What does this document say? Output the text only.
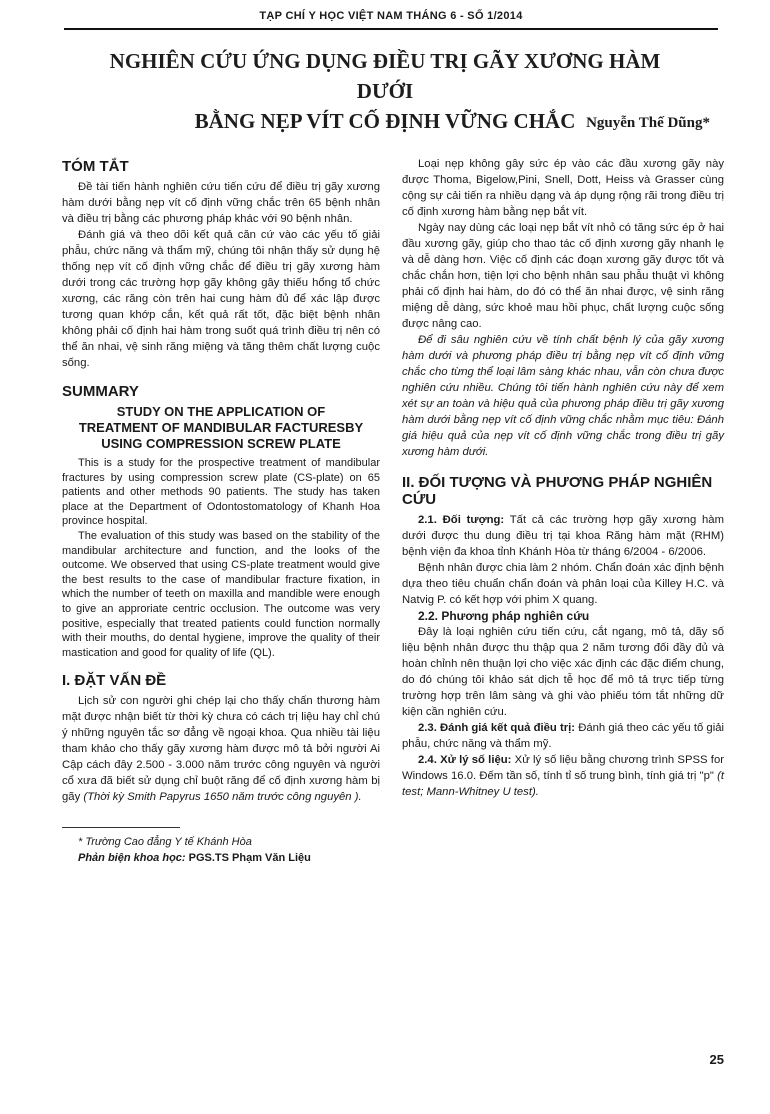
TẠP CHÍ Y HỌC VIỆT NAM THÁNG 6 - SỐ 1/2014
NGHIÊN CỨU ỨNG DỤNG ĐIỀU TRỊ GÃY XƯƠNG HÀM DƯỚI
BẰNG NẸP VÍT CỐ ĐỊNH VỮNG CHẮC Nguyễn Thế Dũng*
TÓM TẮT

Đề tài tiến hành nghiên cứu tiến cứu để điều trị gãy xương hàm dưới bằng nẹp vít cố định vững chắc trên 65 bệnh nhân và điều trị bằng các phương pháp khác với 90 bệnh nhân.

Đánh giá và theo dõi kết quả căn cứ vào các yếu tố giải phẫu, chức năng và thẩm mỹ, chúng tôi nhận thấy sử dụng hệ thống nẹp vít cố định vững chắc để điều trị gãy xương hàm dưới trong các trường hợp gãy không gây thiếu hổng tổ chức xương, các răng còn trên hai cung hàm đủ để xác lập được tương quan khớp cắn, kết quả rất tốt, đặc biệt bệnh nhân không phải cố định hai hàm trong suốt quá trình điều trị nên có thể ăn nhai, vệ sinh răng miệng và tăng thêm chất lượng cuộc sống.

SUMMARY
STUDY ON THE APPLICATION OF
TREATMENT OF MANDIBULAR FACTURESBY
USING COMPRESSION SCREW PLATE

This is a study for the prospective treatment of mandibular fractures by using compression screw plate (CS-plate) on 65 patients and other methods 90 patients. The study has taken place at the Department of Odontostomatology of Khanh Hoa province hospital.

The evaluation of this study was based on the stability of the mandibular architecture and function, and the looks of the outcome. We observed that using CS-plate treatment would give the best results to the case of mandibular fracture fixation, in which the number of teeth on maxilla and mandible were enough to give an approriate centric occlusion. The outcome was very positive, especially that treated patients could function normally with their mouths, do dental hygiene, improve the quality of their mastication and good for quality of life (QL).

I. ĐẶT VẤN ĐỀ

Lịch sử con người ghi chép lại cho thấy chấn thương hàm mặt được nhận biết từ thời kỳ chưa có cách trị liệu hay chỉ chú ý những nguyên tắc sơ đẳng về ngoại khoa. Qua nhiều tài liệu tham khảo cho thấy gãy xương hàm được mô tả bởi người Ai Cập cách đây 2.500 - 3.000 năm trước công nguyên và người cổ xưa đã biết sử dụng chỉ buột răng để cố định xương hàm bị gãy (Thời kỳ Smith Papyrus 1650 năm trước công nguyên ).

* Trường Cao đẳng Y tế Khánh Hòa

Phản biện khoa học: PGS.TS Phạm Văn Liệu

Loại nẹp không gây sức ép vào các đầu xương gãy này được Thoma, Bigelow,Pini, Snell, Dott, Heiss và Grasser cùng cộng sự cải tiến ra nhiều dạng và áp dụng rộng rãi trong điều trị cố định xương hàm bằng nẹp bắt vít.

Ngày nay dùng các loại nẹp bắt vít nhỏ có tăng sức ép ở hai đầu xương gãy, giúp cho thao tác cố định xương gãy nhanh lẹ và dễ dàng hơn. Việc cố định các đoạn xương gãy được tốt và chắc chắn hơn, tiện lợi cho bệnh nhân sau phẫu thuật vì không phải cố định hai hàm, do đó có thể ăn nhai được, vệ sinh răng miệng dễ dàng, sức khoẻ mau hồi phục, chất lượng cuộc sống được nâng cao.

Để đi sâu nghiên cứu về tính chất bệnh lý của gãy xương hàm dưới và phương pháp điều trị bằng nẹp vít cố định vững chắc cho từng thể loại lâm sàng khác nhau, vẫn còn chưa được nghiên cứu nhiều. Chúng tôi tiến hành nghiên cứu này để xem xét sự an toàn và hiệu quả của phương pháp điều trị gãy xương hàm dưới bằng nẹp vít cố định vững chắc nhằm mục tiêu: Đánh giá hiệu quả của nẹp vít cố định vững chắc trong điều trị gãy xương hàm dưới.

II. ĐỐI TƯỢNG VÀ PHƯƠNG PHÁP NGHIÊN CỨU

2.1. Đối tượng: Tất cả các trường hợp gãy xương hàm dưới được thu dung điều trị tại khoa Răng hàm mặt (RHM) bệnh viện đa khoa tỉnh Khánh Hòa từ tháng 6/2004 - 6/2006.

Bệnh nhân được chia làm 2 nhóm. Chẩn đoán xác định bệnh dựa theo tiêu chuẩn chẩn đoán và phân loại của Killey H.C. và Natvig P. có kết hợp với phim X quang.

2.2. Phương pháp nghiên cứu

Đây là loại nghiên cứu tiến cứu, cắt ngang, mô tả, dãy số liệu bệnh nhân được thu thập qua 2 năm tương đối đầy đủ và hoàn chỉnh nên thuận lợi cho việc xác định các đặc điểm chung, do đó chúng tôi khảo sát dịch tễ học để mô tả trực tiếp từng trường hợp trên lâm sàng và ghi vào phiếu tóm tắt những dữ kiện cần nghiên cứu.

2.3. Đánh giá kết quả điều trị: Đánh giá theo các yếu tố giải phẫu, chức năng và thẩm mỹ.

2.4. Xử lý số liệu: Xử lý số liệu bằng chương trình SPSS for Windows 16.0. Đếm tần số, tính tỉ số trung bình, tính giá trị "p" (t test; Mann-Whitney U test).

25
